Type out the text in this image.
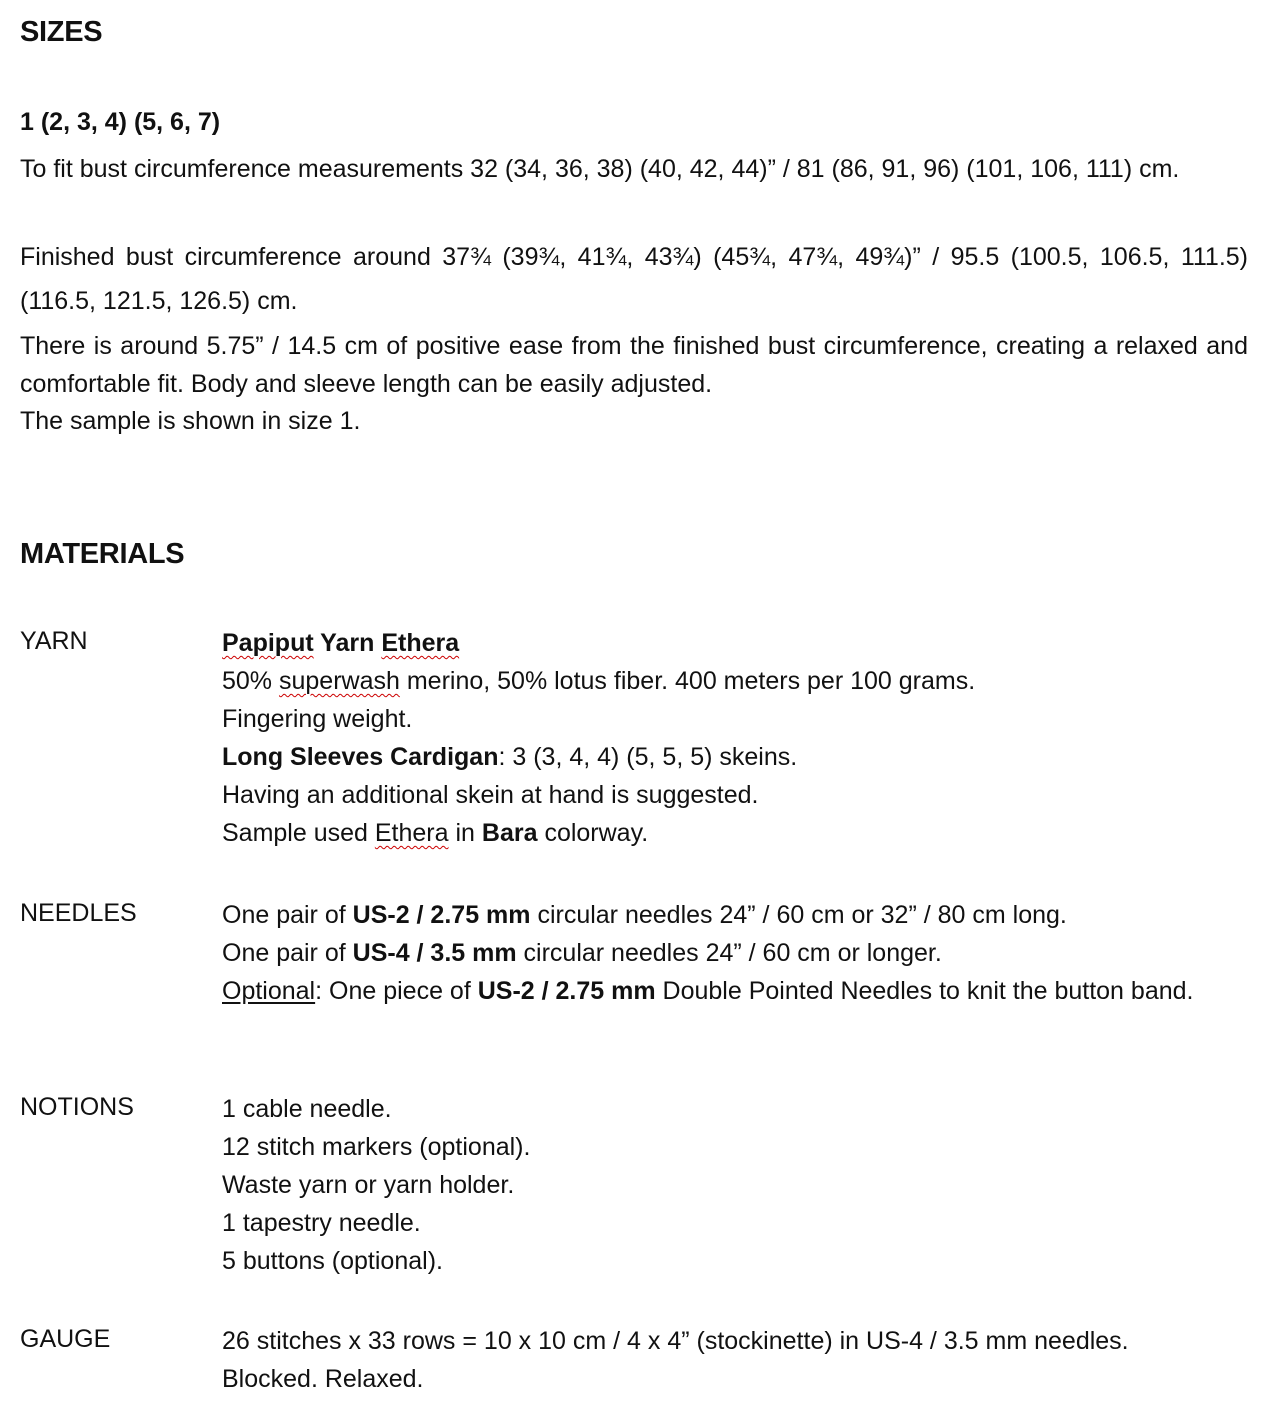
SIZES
1 (2, 3, 4) (5, 6, 7)
To fit bust circumference measurements 32 (34, 36, 38) (40, 42, 44)” / 81 (86, 91, 96) (101, 106, 111) cm.
Finished bust circumference around 37¾ (39¾, 41¾, 43¾) (45¾, 47¾, 49¾)” / 95.5 (100.5, 106.5, 111.5) (116.5, 121.5, 126.5) cm.
There is around 5.75” / 14.5 cm of positive ease from the finished bust circumference, creating a relaxed and comfortable fit. Body and sleeve length can be easily adjusted.
The sample is shown in size 1.
MATERIALS
YARN	Papiput Yarn Ethera
50% superwash merino, 50% lotus fiber. 400 meters per 100 grams.
Fingering weight.
Long Sleeves Cardigan: 3 (3, 4, 4) (5, 5, 5) skeins.
Having an additional skein at hand is suggested.
Sample used Ethera in Bara colorway.
NEEDLES	One pair of US-2 / 2.75 mm circular needles 24” / 60 cm or 32” / 80 cm long.
One pair of US-4 / 3.5 mm circular needles 24” / 60 cm or longer.
Optional: One piece of US-2 / 2.75 mm Double Pointed Needles to knit the button band.
NOTIONS	1 cable needle.
12 stitch markers (optional).
Waste yarn or yarn holder.
1 tapestry needle.
5 buttons (optional).
GAUGE	26 stitches x 33 rows = 10 x 10 cm / 4 x 4” (stockinette) in US-4 / 3.5 mm needles.
Blocked. Relaxed.
